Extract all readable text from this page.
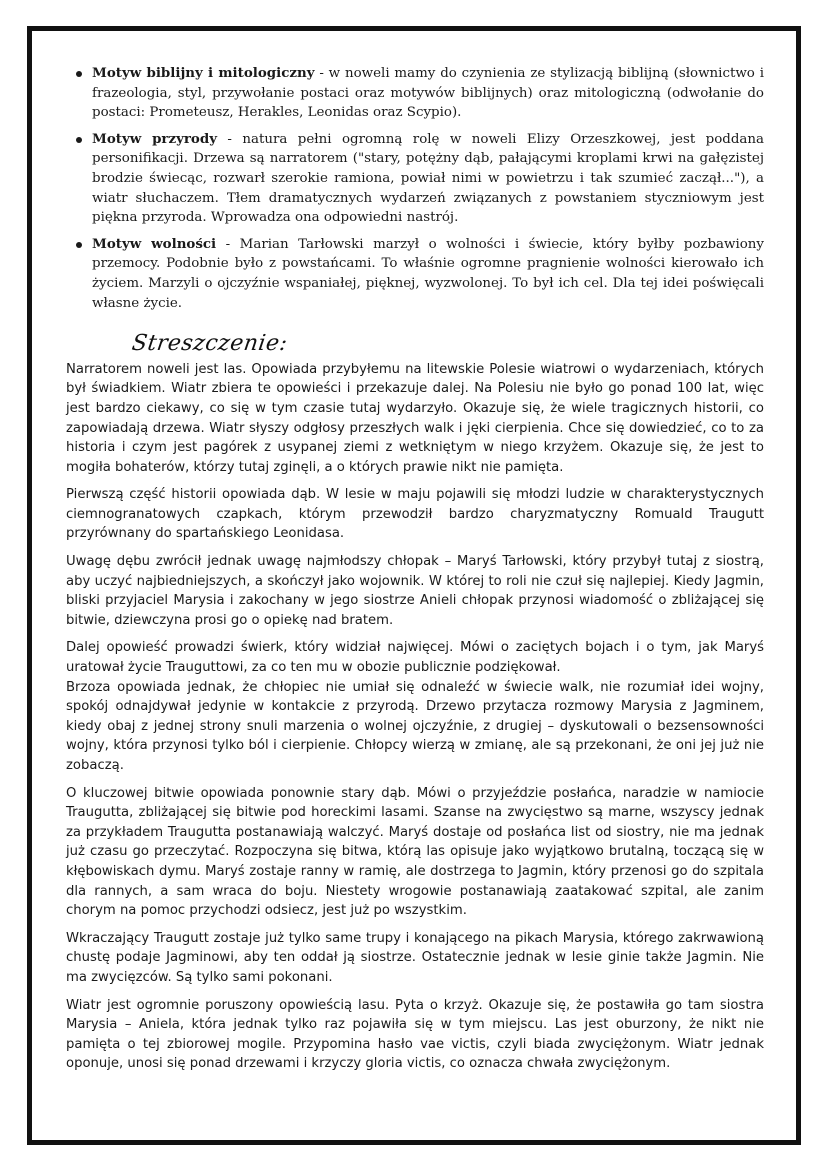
Motyw biblijny i mitologiczny - w noweli mamy do czynienia ze stylizacją biblijną (słownictwo i frazeologia, styl, przywołanie postaci oraz motywów biblijnych) oraz mitologiczną (odwołanie do postaci: Prometeusz, Herakles, Leonidas oraz Scypio).
Motyw przyrody - natura pełni ogromną rolę w noweli Elizy Orzeszkowej, jest poddana personifikacji. Drzewa są narratorem ("stary, potężny dąb, pałającymi kroplami krwi na gałęzistej brodzie świecąc, rozwarł szerokie ramiona, powiał nimi w powietrzu i tak szumieć zaczął..."), a wiatr słuchaczem. Tłem dramatycznych wydarzeń związanych z powstaniem styczniowym jest piękna przyroda. Wprowadza ona odpowiedni nastrój.
Motyw wolności - Marian Tarłowski marzył o wolności i świecie, który byłby pozbawiony przemocy. Podobnie było z powstańcami. To właśnie ogromne pragnienie wolności kierowało ich życiem. Marzyli o ojczyźnie wspaniałej, pięknej, wyzwolonej. To był ich cel. Dla tej idei poświęcali własne życie.
Streszczenie:

Narratorem noweli jest las. Opowiada przybyłemu na litewskie Polesie wiatrowi o wydarzeniach, których był świadkiem. Wiatr zbiera te opowieści i przekazuje dalej. Na Polesiu nie było go ponad 100 lat, więc jest bardzo ciekawy, co się w tym czasie tutaj wydarzyło. Okazuje się, że wiele tragicznych historii, co zapowiadają drzewa. Wiatr słyszy odgłosy przeszłych walk i jęki cierpienia. Chce się dowiedzieć, co to za historia i czym jest pagórek z usypanej ziemi z wetkniętym w niego krzyżem. Okazuje się, że jest to mogiła bohaterów, którzy tutaj zginęli, a o których prawie nikt nie pamięta.

Pierwszą część historii opowiada dąb. W lesie w maju pojawili się młodzi ludzie w charakterystycznych ciemnogranatowych czapkach, którym przewodził bardzo charyzmatyczny Romuald Traugutt przyrównany do spartańskiego Leonidasa.

Uwagę dębu zwrócił jednak uwagę najmłodszy chłopak – Maryś Tarłowski, który przybył tutaj z siostrą, aby uczyć najbiedniejszych, a skończył jako wojownik. W której to roli nie czuł się najlepiej. Kiedy Jagmin, bliski przyjaciel Marysia i zakochany w jego siostrze Anieli chłopak przynosi wiadomość o zbliżającej się bitwie, dziewczyna prosi go o opiekę nad bratem.

Dalej opowieść prowadzi świerk, który widział najwięcej. Mówi o zaciętych bojach i o tym, jak Maryś uratował życie Trauguttowi, za co ten mu w obozie publicznie podziękował.

Brzoza opowiada jednak, że chłopiec nie umiał się odnaleźć w świecie walk, nie rozumiał idei wojny, spokój odnajdywał jedynie w kontakcie z przyrodą. Drzewo przytacza rozmowy Marysia z Jagminem, kiedy obaj z jednej strony snuli marzenia o wolnej ojczyźnie, z drugiej – dyskutowali o bezsensowności wojny, która przynosi tylko ból i cierpienie. Chłopcy wierzą w zmianę, ale są przekonani, że oni jej już nie zobaczą.

O kluczowej bitwie opowiada ponownie stary dąb. Mówi o przyjeździe posłańca, naradzie w namiocie Traugutta, zbliżającej się bitwie pod horeckimi lasami. Szanse na zwycięstwo są marne, wszyscy jednak za przykładem Traugutta postanawiają walczyć. Maryś dostaje od posłańca list od siostry, nie ma jednak już czasu go przeczytać. Rozpoczyna się bitwa, którą las opisuje jako wyjątkowo brutalną, toczącą się w kłębowiskach dymu. Maryś zostaje ranny w ramię, ale dostrzega to Jagmin, który przenosi go do szpitala dla rannych, a sam wraca do boju. Niestety wrogowie postanawiają zaatakować szpital, ale zanim chorym na pomoc przychodzi odsiecz, jest już po wszystkim.

Wkraczający Traugutt zostaje już tylko same trupy i konającego na pikach Marysia, którego zakrwawioną chustę podaje Jagminowi, aby ten oddał ją siostrze. Ostatecznie jednak w lesie ginie także Jagmin. Nie ma zwycięzców. Są tylko sami pokonani.

Wiatr jest ogromnie poruszony opowieścią lasu. Pyta o krzyż. Okazuje się, że postawiła go tam siostra Marysia – Aniela, która jednak tylko raz pojawiła się w tym miejscu. Las jest oburzony, że nikt nie pamięta o tej zbiorowej mogile. Przypomina hasło vae victis, czyli biada zwyciężonym. Wiatr jednak oponuje, unosi się ponad drzewami i krzyczy gloria victis, co oznacza chwała zwyciężonym.
